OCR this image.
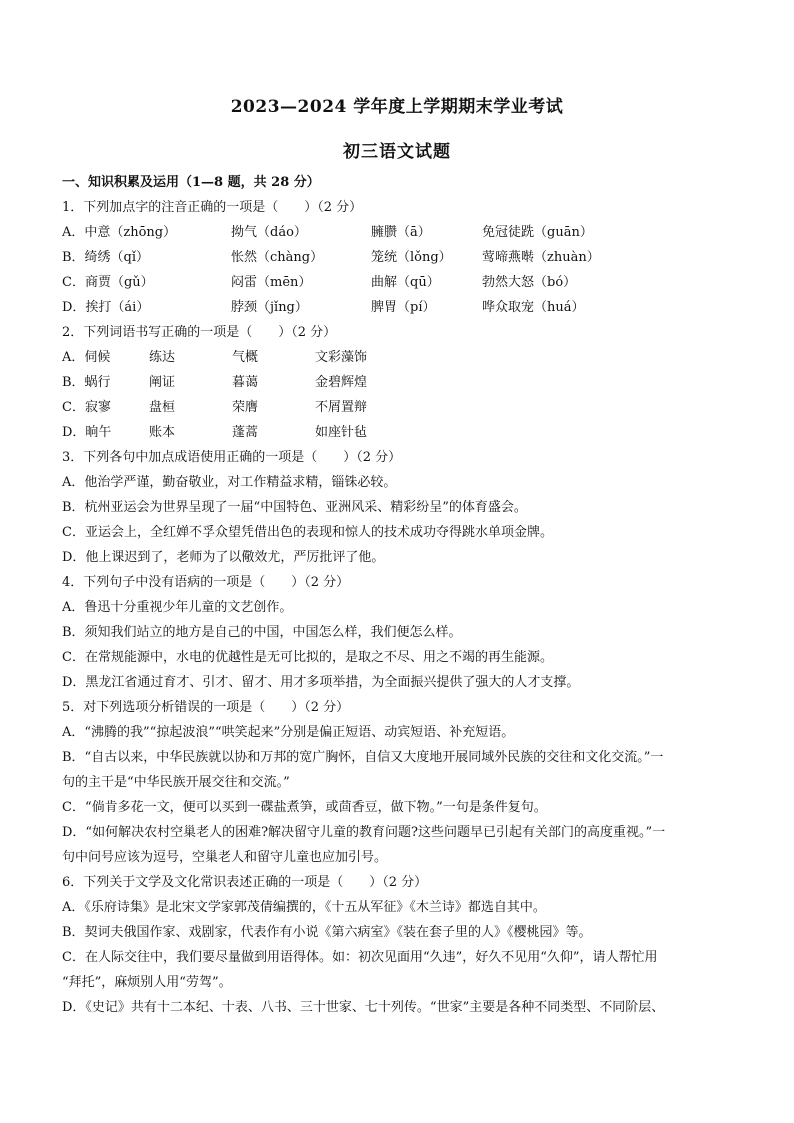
2023—2024 学年度上学期期末学业考试
初三语文试题
一、知识积累及运用（1—8 题，共 28 分）
1．下列加点字的注音正确的一项是（　　）（2 分）
A．中意（zhōng）	拗气（dáo）	臃臜（ā）	免冠徒跣（guān）
B．绮绣（qǐ）	怅然（chàng）	笼统（lǒng）	莺啼燕啭（zhuàn）
C．商贾（gǔ）	闷雷（mēn）	曲解（qū）	勃然大怒（bó）
D．挨打（ái）	脖颈（jǐng）	脾胃（pí）	哗众取宠（huá）
2．下列词语书写正确的一项是（　　）（2 分）
A．伺候	练达	气概	文彩藻饰
B．蜗行	阐证	暮蔼	金碧辉煌
C．寂寥	盘桓	荣膺	不屑置辩
D．晌午	账本	蓬蒿	如座针毡
3．下列各句中加点成语使用正确的一项是（　　）（2 分）
A．他治学严谨，勤奋敬业，对工作精益求精，锱铢必较。
B．杭州亚运会为世界呈现了一届“中国特色、亚洲风采、精彩纷呈”的体育盛会。
C．亚运会上，全红婵不孚众望凭借出色的表现和惊人的技术成功夺得跳水单项金牌。
D．他上课迟到了，老师为了以儆效尤，严厉批评了他。
4．下列句子中没有语病的一项是（　　）（2 分）
A．鲁迅十分重视少年儿童的文艺创作。
B．须知我们站立的地方是自己的中国，中国怎么样，我们便怎么样。
C．在常规能源中，水电的优越性是无可比拟的，是取之不尽、用之不竭的再生能源。
D．黑龙江省通过育才、引才、留才、用才多项举措，为全面振兴提供了强大的人才支撑。
5．对下列选项分析错误的一项是（　　）（2 分）
A．“沸腾的我”“掠起波浪”“哄笑起来”分别是偏正短语、动宾短语、补充短语。
B．“自古以来，中华民族就以协和万邦的宽广胸怀，自信又大度地开展同域外民族的交往和文化交流。”一
句的主干是“中华民族开展交往和交流。”
C．“倘肯多花一文，便可以买到一碟盐煮笋，或茴香豆，做下物。”一句是条件复句。
D．“如何解决农村空巢老人的困难?解决留守儿童的教育问题?这些问题早已引起有关部门的高度重视。”一
句中问号应该为逗号，空巢老人和留守儿童也应加引号。
6．下列关于文学及文化常识表述正确的一项是（　　）（2 分）
A．《乐府诗集》是北宋文学家郭茂倩编撰的，《十五从军征》《木兰诗》都选自其中。
B．契诃夫俄国作家、戏剧家，代表作有小说《第六病室》《装在套子里的人》《樱桃园》等。
C．在人际交往中，我们要尽量做到用语得体。如：初次见面用“久违”，好久不见用“久仰”，请人帮忙用
“拜托”，麻烦别人用“劳驾”。
D．《史记》共有十二本纪、十表、八书、三十世家、七十列传。“世家”主要是各种不同类型、不同阶层、
